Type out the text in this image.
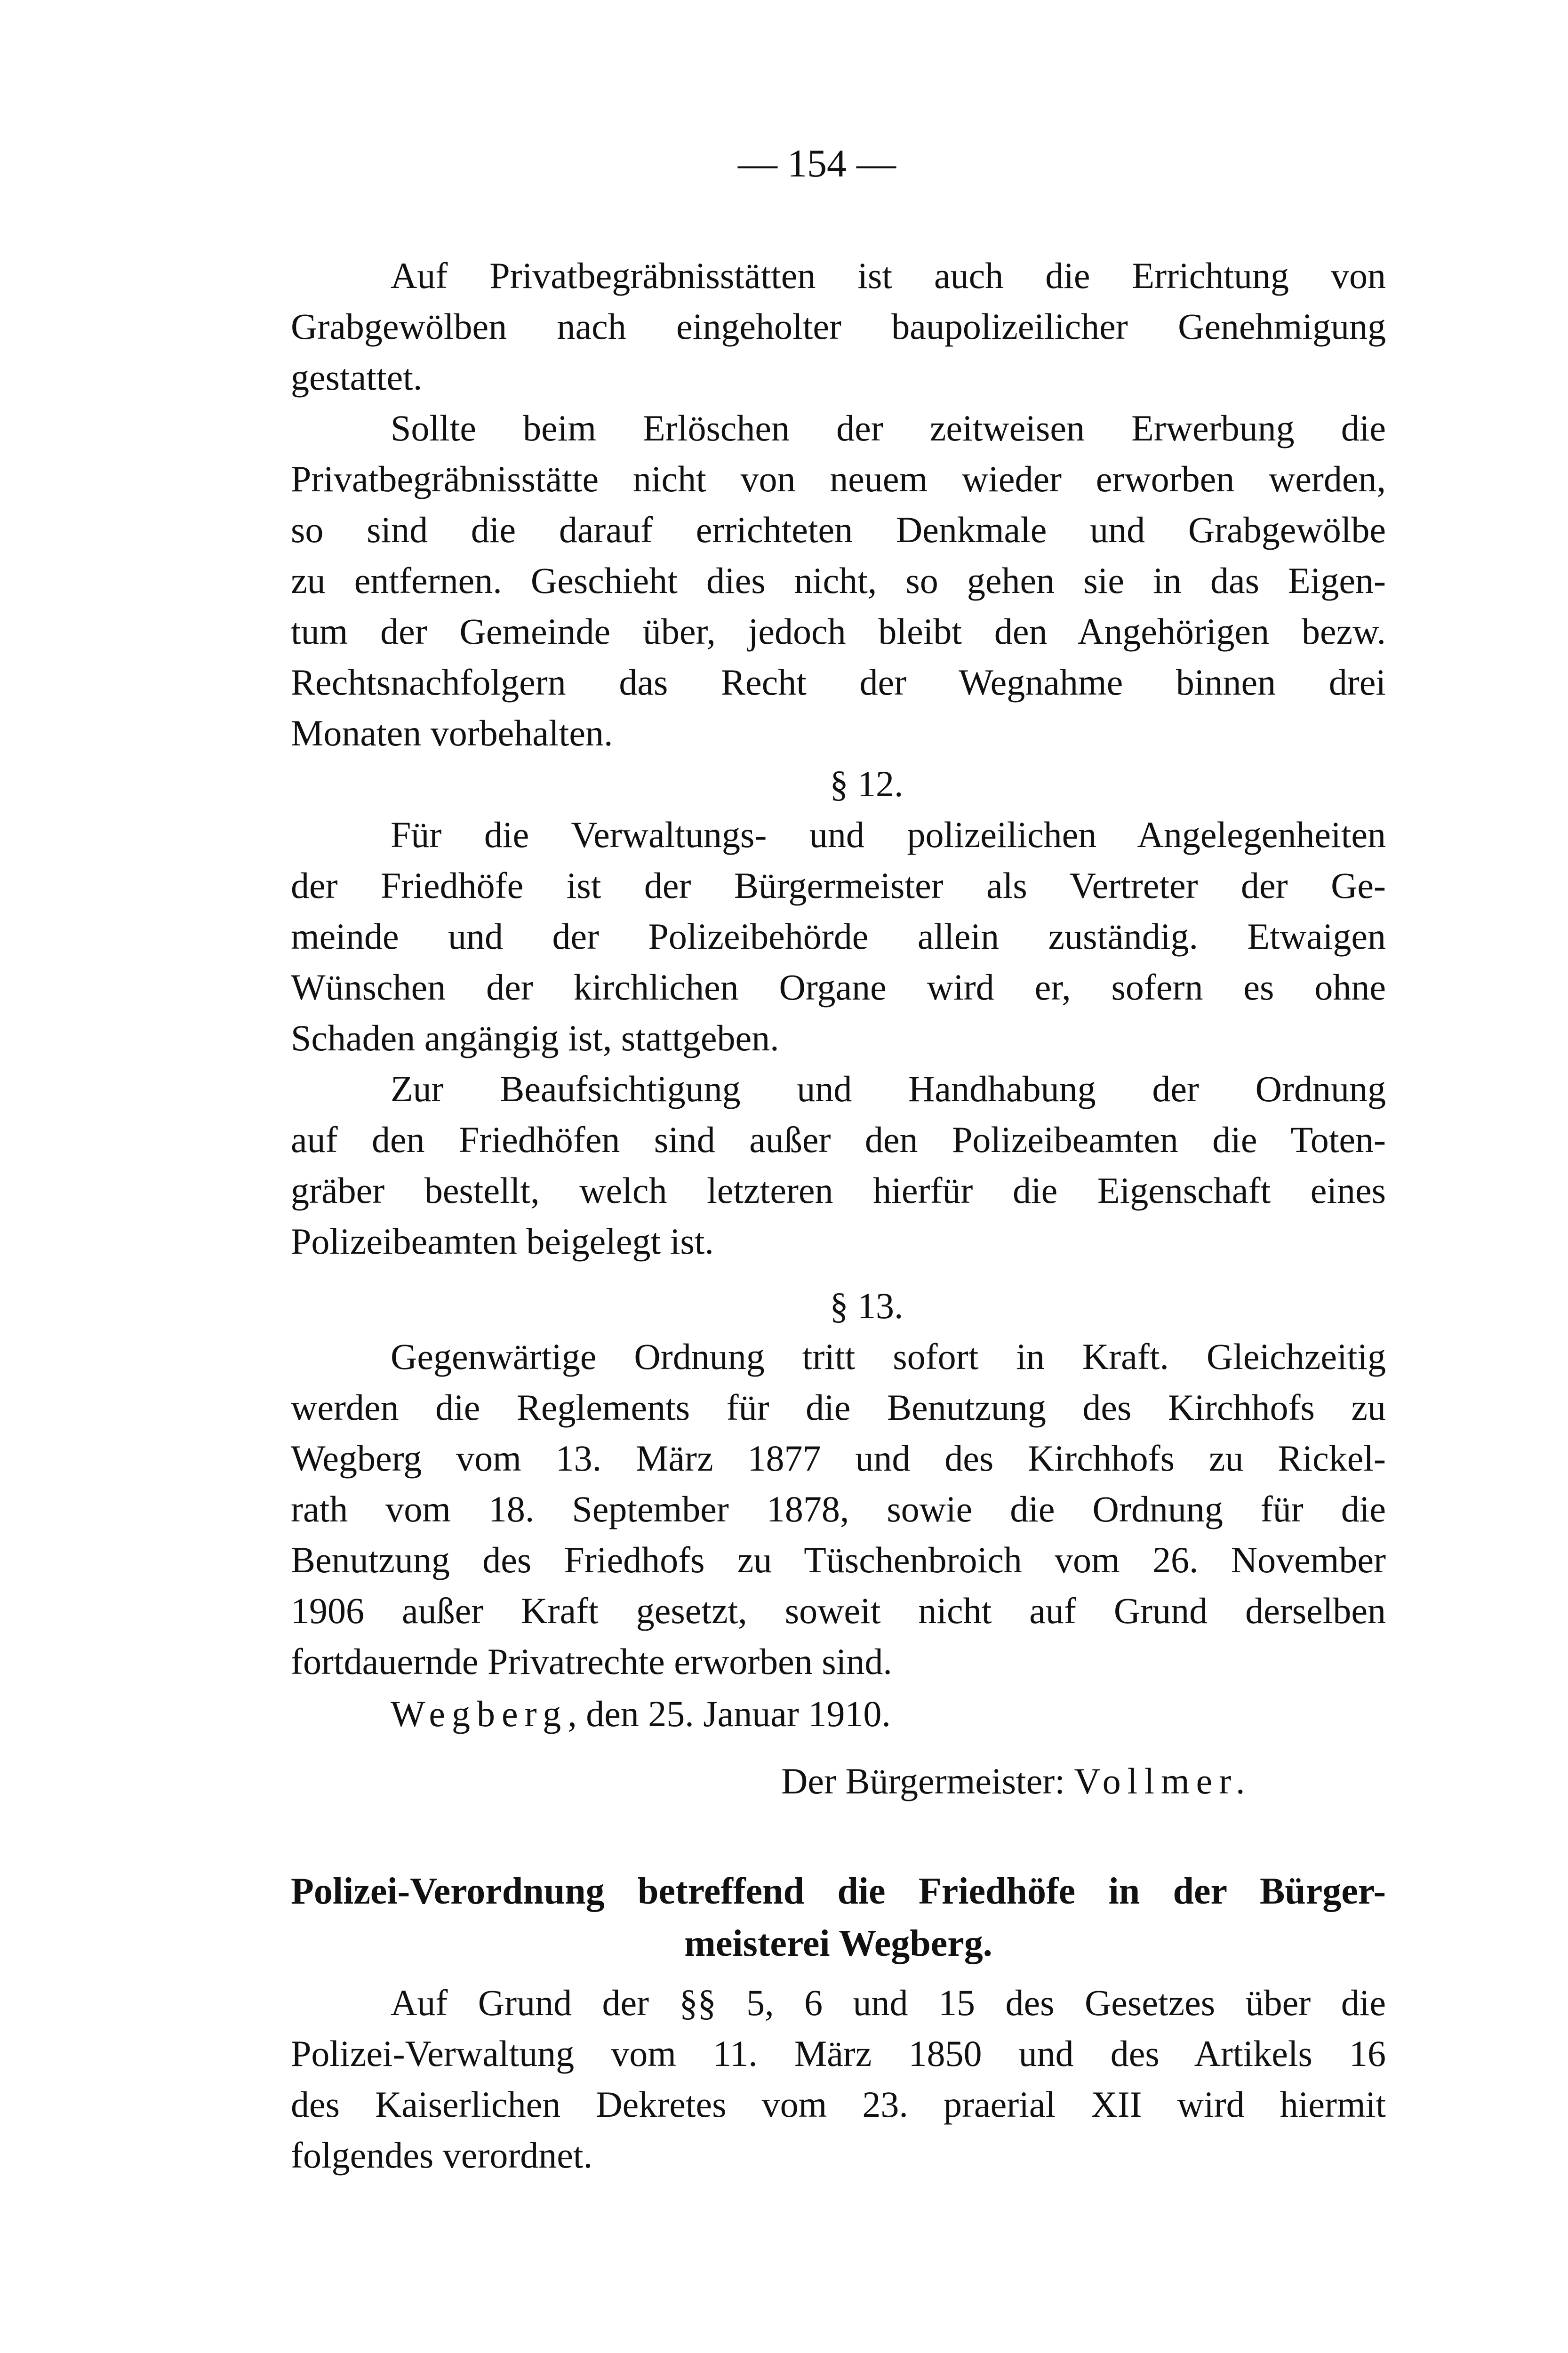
— 154 —
Auf Privatbegräbnisstätten ist auch die Errichtung von
Grabgewölben nach eingeholter baupolizeilicher Genehmigung
gestattet.
Sollte beim Erlöschen der zeitweisen Erwerbung die
Privatbegräbnisstätte nicht von neuem wieder erworben werden,
so sind die darauf errichteten Denkmale und Grabgewölbe
zu entfernen. Geschieht dies nicht, so gehen sie in das Eigen-
tum der Gemeinde über, jedoch bleibt den Angehörigen bezw.
Rechtsnachfolgern das Recht der Wegnahme binnen drei
Monaten vorbehalten.
§ 12.
Für die Verwaltungs- und polizeilichen Angelegenheiten
der Friedhöfe ist der Bürgermeister als Vertreter der Ge-
meinde und der Polizeibehörde allein zuständig. Etwaigen
Wünschen der kirchlichen Organe wird er, sofern es ohne
Schaden angängig ist, stattgeben.
Zur Beaufsichtigung und Handhabung der Ordnung
auf den Friedhöfen sind außer den Polizeibeamten die Toten-
gräber bestellt, welch letzteren hierfür die Eigenschaft eines
Polizeibeamten beigelegt ist.
§ 13.
Gegenwärtige Ordnung tritt sofort in Kraft. Gleichzeitig
werden die Reglements für die Benutzung des Kirchhofs zu
Wegberg vom 13. März 1877 und des Kirchhofs zu Rickel-
rath vom 18. September 1878, sowie die Ordnung für die
Benutzung des Friedhofs zu Tüschenbroich vom 26. November
1906 außer Kraft gesetzt, soweit nicht auf Grund derselben
fortdauernde Privatrechte erworben sind.
Wegberg, den 25. Januar 1910.
Der Bürgermeister: Vollmer.
Polizei-Verordnung betreffend die Friedhöfe in der Bürger-
meisterei Wegberg.
Auf Grund der §§ 5, 6 und 15 des Gesetzes über die
Polizei-Verwaltung vom 11. März 1850 und des Artikels 16
des Kaiserlichen Dekretes vom 23. praerial XII wird hiermit
folgendes verordnet.
